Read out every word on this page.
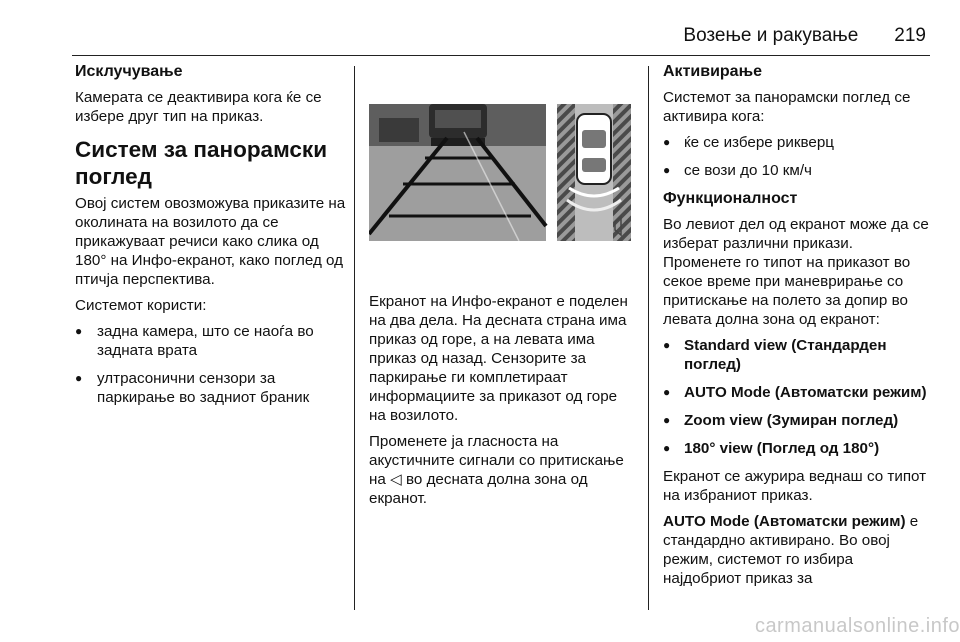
Возење и ракување 219
Исклучување

Камерата се деактивира кога ќе се избере друг тип на приказ.

Систем за панорамски поглед

Овој систем овозможува приказите на околината на возилото да се прикажуваат речиси како слика од 180° на Инфо-екранот, како поглед од птичја перспектива.

Системот користи:

● задна камера, што се наоѓа во задната врата
● ултрасонични сензори за паркирање во задниот браник

Екранот на Инфо-екранот е поделен на два дела. На десната страна има приказ од горе, а на левата има приказ од назад. Сензорите за паркирање ги комплетираат информациите за приказот од горе на возилото.

Променете ја гласноста на акустичните сигнали со притискање на ◁ во десната долна зона од екранот.

Активирање

Системот за панорамски поглед се активира кога:

● ќе се избере рикверц
● се вози до 10 км/ч
Функционалност

Во левиот дел од екранот може да се изберат различни прикази. Променете го типот на приказот во секое време при маневрирање со притискање на полето за допир во левата долна зона од екранот:

● Standard view (Стандарден поглед)
● AUTO Mode (Автоматски режим)
● Zoom view (Зумиран поглед)
● 180° view (Поглед од 180°)

Екранот се ажурира веднаш со типот на избраниот приказ.

AUTO Mode (Автоматски режим) е стандардно активирано. Во овој режим, системот го избира најдобриот приказ за

carmanualsonline.info
